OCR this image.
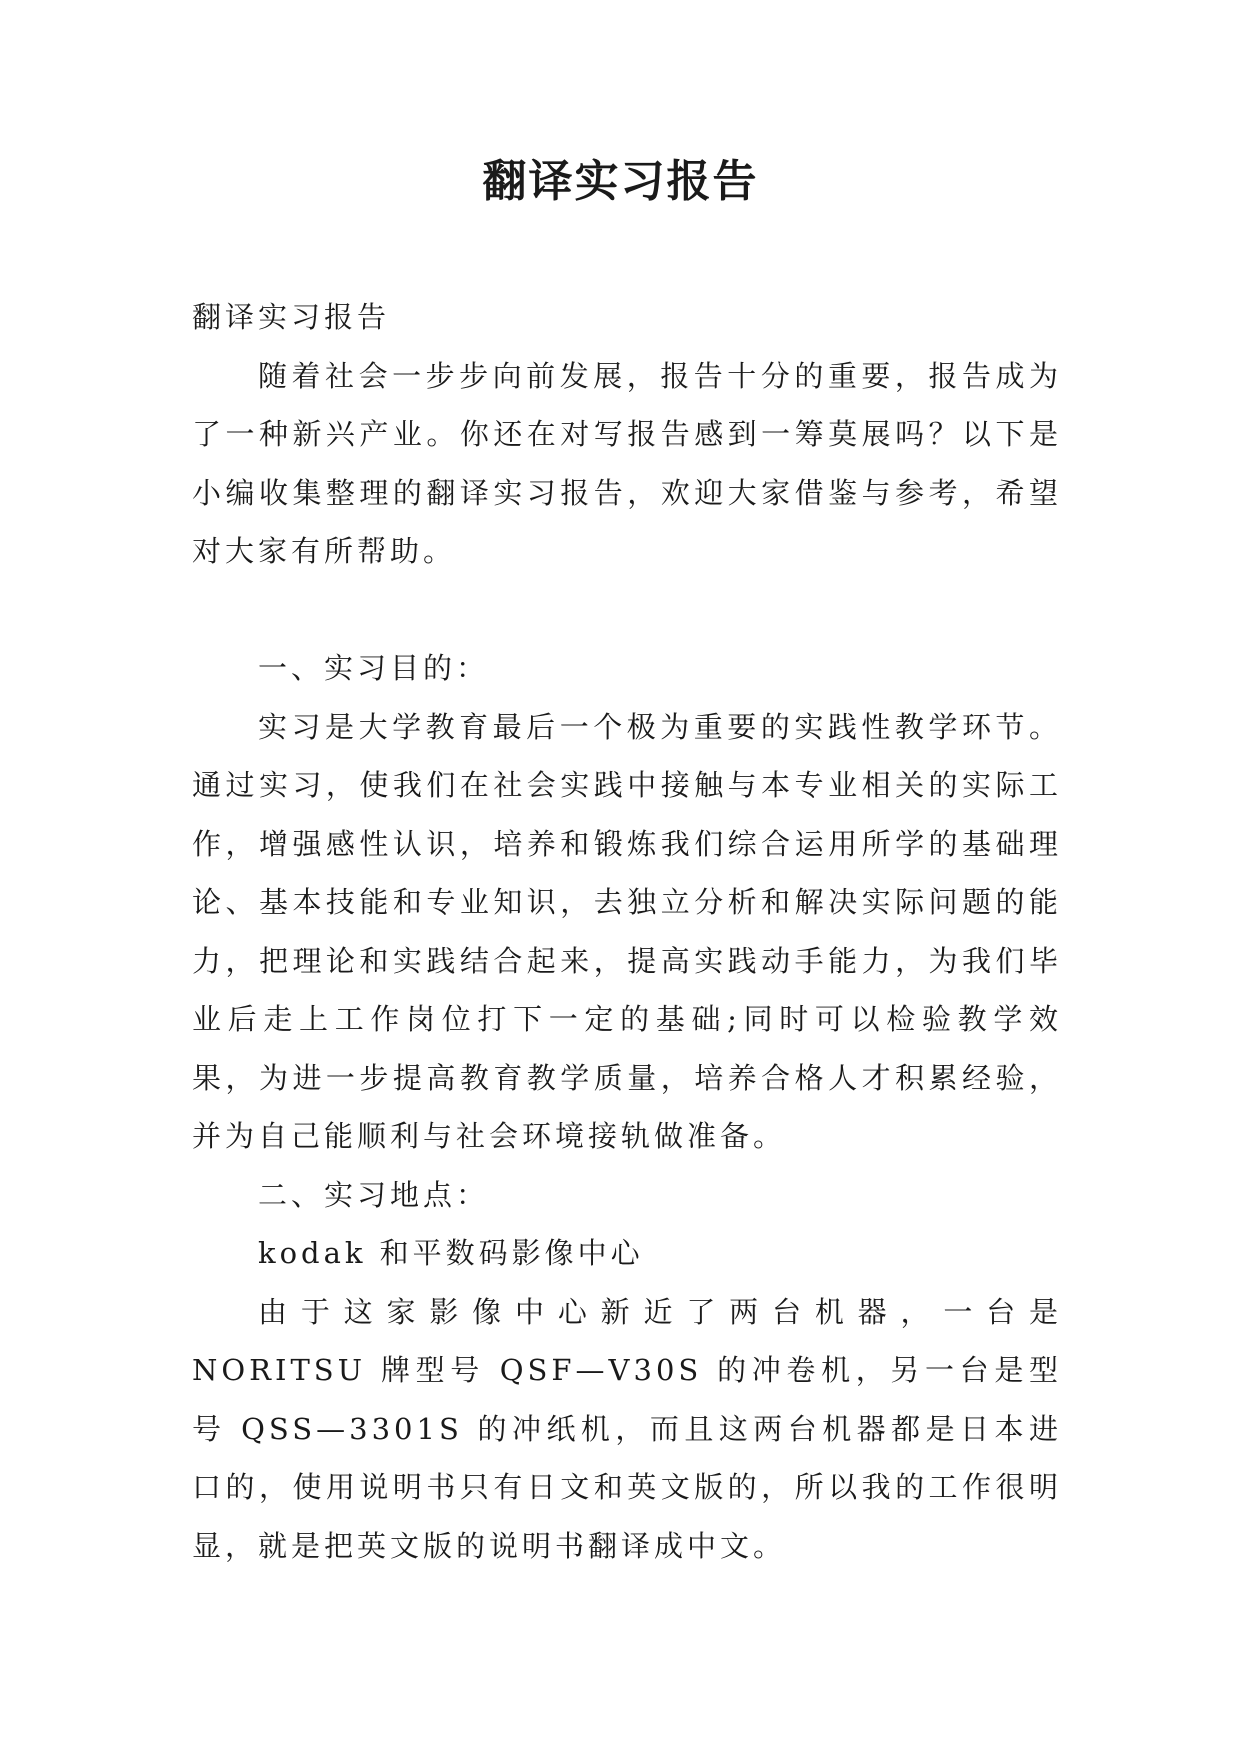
翻译实习报告

翻译实习报告

随着社会一步步向前发展，报告十分的重要，报告成为了一种新兴产业。你还在对写报告感到一筹莫展吗？以下是小编收集整理的翻译实习报告，欢迎大家借鉴与参考，希望对大家有所帮助。

一、实习目的：

实习是大学教育最后一个极为重要的实践性教学环节。通过实习，使我们在社会实践中接触与本专业相关的实际工作，增强感性认识，培养和锻炼我们综合运用所学的基础理论、基本技能和专业知识，去独立分析和解决实际问题的能力，把理论和实践结合起来，提高实践动手能力，为我们毕业后走上工作岗位打下一定的基础;同时可以检验教学效果，为进一步提高教育教学质量，培养合格人才积累经验，并为自己能顺利与社会环境接轨做准备。

二、实习地点：

kodak 和平数码影像中心

由于这家影像中心新近了两台机器，一台是 NORITSU 牌型号 QSF—V30S 的冲卷机，另一台是型号 QSS—3301S 的冲纸机，而且这两台机器都是日本进口的，使用说明书只有日文和英文版的，所以我的工作很明显，就是把英文版的说明书翻译成中文。
